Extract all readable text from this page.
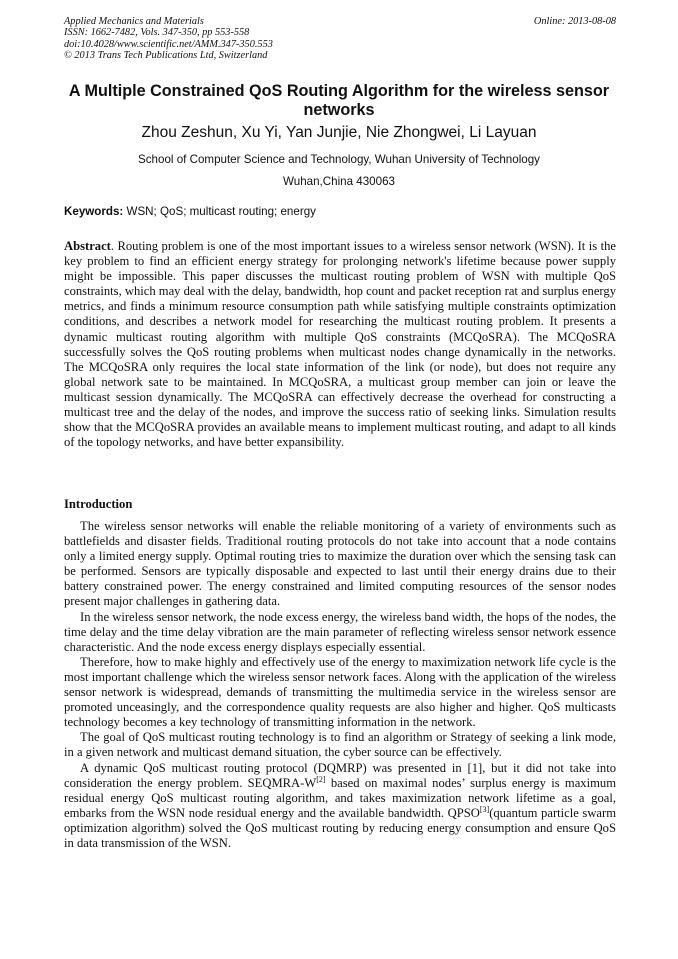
Applied Mechanics and Materials
ISSN: 1662-7482, Vols. 347-350, pp 553-558
doi:10.4028/www.scientific.net/AMM.347-350.553
© 2013 Trans Tech Publications Ltd, Switzerland
Online: 2013-08-08
A Multiple Constrained QoS Routing Algorithm for the wireless sensor networks
Zhou Zeshun, Xu Yi, Yan Junjie, Nie Zhongwei, Li Layuan
School of Computer Science and Technology, Wuhan University of Technology
Wuhan,China 430063
Keywords: WSN; QoS; multicast routing; energy
Abstract. Routing problem is one of the most important issues to a wireless sensor network (WSN). It is the key problem to find an efficient energy strategy for prolonging network's lifetime because power supply might be impossible. This paper discusses the multicast routing problem of WSN with multiple QoS constraints, which may deal with the delay, bandwidth, hop count and packet reception rat and surplus energy metrics, and finds a minimum resource consumption path while satisfying multiple constraints optimization conditions, and describes a network model for researching the multicast routing problem. It presents a dynamic multicast routing algorithm with multiple QoS constraints (MCQoSRA). The MCQoSRA successfully solves the QoS routing problems when multicast nodes change dynamically in the networks. The MCQoSRA only requires the local state information of the link (or node), but does not require any global network sate to be maintained. In MCQoSRA, a multicast group member can join or leave the multicast session dynamically. The MCQoSRA can effectively decrease the overhead for constructing a multicast tree and the delay of the nodes, and improve the success ratio of seeking links. Simulation results show that the MCQoSRA provides an available means to implement multicast routing, and adapt to all kinds of the topology networks, and have better expansibility.
Introduction

The wireless sensor networks will enable the reliable monitoring of a variety of environments such as battlefields and disaster fields. Traditional routing protocols do not take into account that a node contains only a limited energy supply. Optimal routing tries to maximize the duration over which the sensing task can be performed. Sensors are typically disposable and expected to last until their energy drains due to their battery constrained power. The energy constrained and limited computing resources of the sensor nodes present major challenges in gathering data.

In the wireless sensor network, the node excess energy, the wireless band width, the hops of the nodes, the time delay and the time delay vibration are the main parameter of reflecting wireless sensor network essence characteristic. And the node excess energy displays especially essential.

Therefore, how to make highly and effectively use of the energy to maximization network life cycle is the most important challenge which the wireless sensor network faces. Along with the application of the wireless sensor network is widespread, demands of transmitting the multimedia service in the wireless sensor are promoted unceasingly, and the correspondence quality requests are also higher and higher. QoS multicasts technology becomes a key technology of transmitting information in the network.

The goal of QoS multicast routing technology is to find an algorithm or Strategy of seeking a link mode, in a given network and multicast demand situation, the cyber source can be effectively.

A dynamic QoS multicast routing protocol (DQMRP) was presented in [1], but it did not take into consideration the energy problem. SEQMRA-W[2] based on maximal nodes’ surplus energy is maximum residual energy QoS multicast routing algorithm, and takes maximization network lifetime as a goal, embarks from the WSN node residual energy and the available bandwidth. QPSO[3](quantum particle swarm optimization algorithm) solved the QoS multicast routing by reducing energy consumption and ensure QoS in data transmission of the WSN.
